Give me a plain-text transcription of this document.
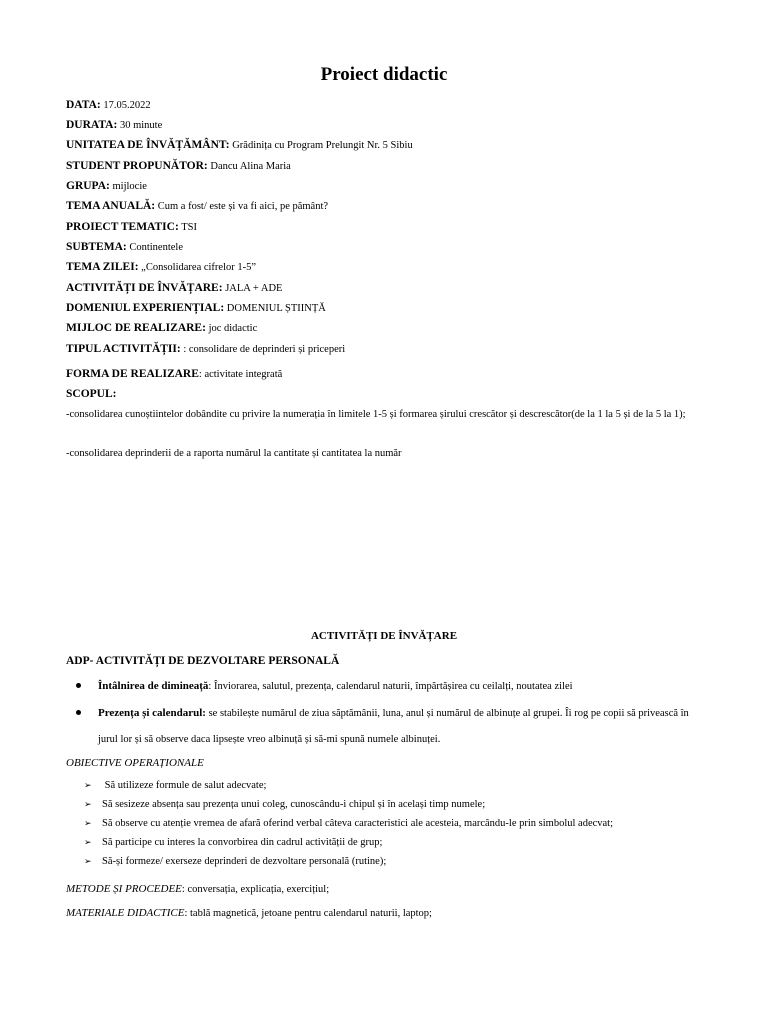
Proiect didactic
DATA: 17.05.2022
DURATA: 30 minute
UNITATEA DE ÎNVĂȚĂMÂNT: Grădinița cu Program Prelungit Nr. 5 Sibiu
STUDENT PROPUNĂTOR: Dancu Alina Maria
GRUPA: mijlocie
TEMA ANUALĂ: Cum a fost/ este și va fi aici, pe pământ?
PROIECT TEMATIC: TSI
SUBTEMA: Continentele
TEMA ZILEI: „Consolidarea cifrelor 1-5”
ACTIVITĂȚI DE ÎNVĂȚARE: JALA + ADE
DOMENIUL EXPERIENȚIAL: DOMENIUL ȘTIINȚĂ
MIJLOC DE REALIZARE: joc didactic
TIPUL ACTIVITĂȚII: : consolidare de deprinderi și priceperi
FORMA DE REALIZARE: activitate integrată
SCOPUL:
-consolidarea cunoștiintelor dobândite cu privire la numerația în limitele 1-5 și formarea șirului crescător și descrescător(de la 1 la 5 și de la 5 la 1);
-consolidarea deprinderii de a raporta numărul la cantitate și cantitatea la număr
ACTIVITĂȚI DE ÎNVĂȚARE
ADP- ACTIVITĂȚI DE DEZVOLTARE PERSONALĂ
Întâlnirea de dimineață: Înviorarea, salutul, prezența, calendarul naturii, împărtășirea cu ceilalți, noutatea zilei
Prezența și calendarul: se stabilește numărul de ziua săptămânii, luna, anul și numărul de albinuțe al grupei. Îi rog pe copii să privească în jurul lor și să observe daca lipsește vreo albinuță și să-mi spună numele albinuței.
OBIECTIVE OPERAȚIONALE
➢ Să utilizeze formule de salut adecvate;
➢ Să sesizeze absența sau prezența unui coleg, cunoscându-i chipul și în același timp numele;
➢ Să observe cu atenție vremea de afară oferind verbal câteva caracteristici ale acesteia, marcându-le prin simbolul adecvat;
➢ Să participe cu interes la convorbirea din cadrul activității de grup;
➢ Să-și formeze/ exerseze deprinderi de dezvoltare personală (rutine);
METODE ȘI PROCEDEE: conversația, explicația, exercițiul;
MATERIALE DIDACTICE: tablă magnetică, jetoane pentru calendarul naturii, laptop;
